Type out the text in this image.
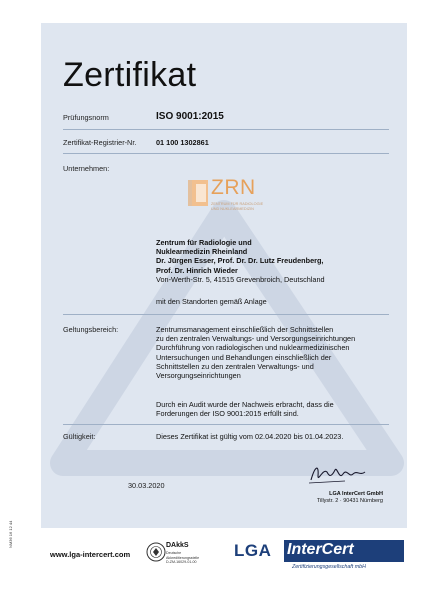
Zertifikat
Prüfungsnorm	ISO 9001:2015
Zertifikat-Registrier-Nr.	01 100 1302861
Unternehmen:
ZRN
ZENTRUM FÜR RADIOLOGIE
UND NUKLEARMEDIZIN
Zentrum für Radiologie und
Nuklearmedizin Rheinland
Dr. Jürgen Esser, Prof. Dr. Dr. Lutz Freudenberg,
Prof. Dr. Hinrich Wieder
Von-Werth-Str. 5, 41515 Grevenbroich, Deutschland
mit den Standorten gemäß Anlage
Geltungsbereich:	Zentrumsmanagement einschließlich der Schnittstellen
zu den zentralen Verwaltungs- und Versorgungseinrichtungen
Durchführung von radiologischen und nuklearmedizinischen
Untersuchungen und Behandlungen einschließlich der
Schnittstellen zu den zentralen Verwaltungs- und
Versorgungseinrichtungen
Durch ein Audit wurde der Nachweis erbracht, dass die
Forderungen der ISO 9001:2015 erfüllt sind.
Gültigkeit:	Dieses Zertifikat ist gültig vom 02.04.2020 bis 01.04.2023.
30.03.2020
LGA InterCert GmbH
Tillystr. 2 · 90431 Nürnberg
NM36 16 12 44
www.lga-intercert.com
DAkkS
Deutsche
Akkreditierungsstelle
D-ZM-16029-01-00
LGA InterCert
Zertifizierungsgesellschaft mbH
